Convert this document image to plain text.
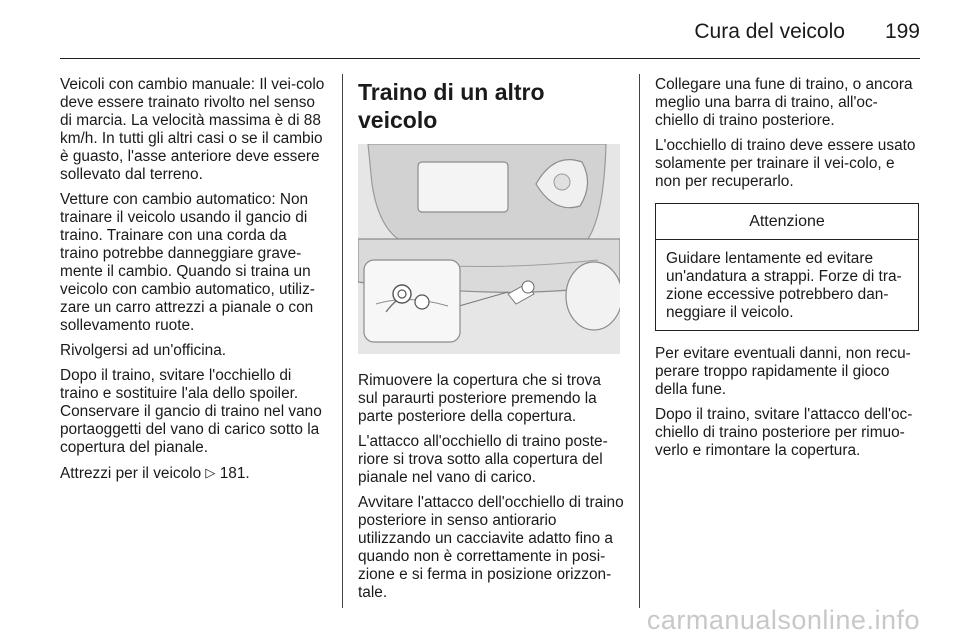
Cura del veicolo 199

Veicoli con cambio manuale: Il vei-colo deve essere trainato rivolto nel senso di marcia. La velocità massima è di 88 km/h. In tutti gli altri casi o se il cambio è guasto, l'asse anteriore deve essere sollevato dal terreno.

Vetture con cambio automatico: Non trainare il veicolo usando il gancio di traino. Trainare con una corda da traino potrebbe danneggiare grave-mente il cambio. Quando si traina un veicolo con cambio automatico, utiliz-zare un carro attrezzi a pianale o con sollevamento ruote.

Rivolgersi ad un'officina.

Dopo il traino, svitare l'occhiello di traino e sostituire l'ala dello spoiler. Conservare il gancio di traino nel vano portaoggetti del vano di carico sotto la copertura del pianale.

Attrezzi per il veicolo ▷ 181.

Traino di un altro veicolo

Rimuovere la copertura che si trova sul paraurti posteriore premendo la parte posteriore della copertura.

L'attacco all'occhiello di traino poste-riore si trova sotto alla copertura del pianale nel vano di carico.

Avvitare l'attacco dell'occhiello di traino posteriore in senso antiorario utilizzando un cacciavite adatto fino a quando non è correttamente in posi-zione e si ferma in posizione orizzon-tale.

Collegare una fune di traino, o ancora meglio una barra di traino, all'oc-chiello di traino posteriore.

L'occhiello di traino deve essere usato solamente per trainare il vei-colo, e non per recuperarlo.

Attenzione

Guidare lentamente ed evitare un'andatura a strappi. Forze di tra-zione eccessive potrebbero dan-neggiare il veicolo.

Per evitare eventuali danni, non recu-perare troppo rapidamente il gioco della fune.

Dopo il traino, svitare l'attacco dell'oc-chiello di traino posteriore per rimuo-verlo e rimontare la copertura.

carmanualsonline.info
